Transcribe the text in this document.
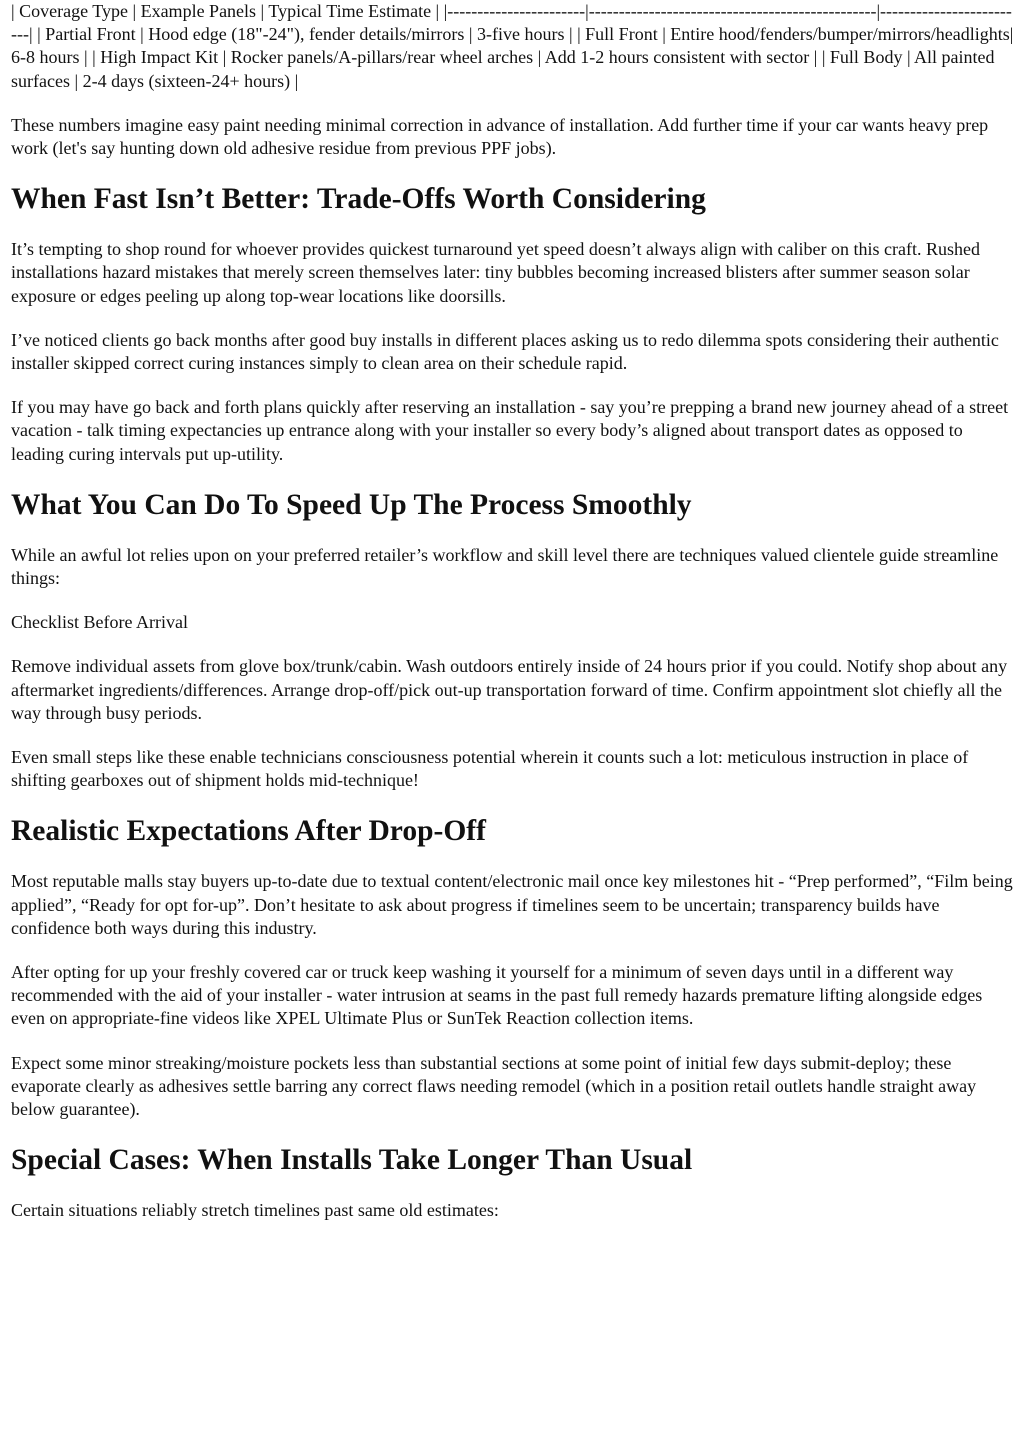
| Coverage Type | Example Panels | Typical Time Estimate | |-----------------------|------------------------------------------------|-------------------------| | Partial Front | Hood edge (18"-24"), fender details/mirrors | 3-five hours | | Full Front | Entire hood/fenders/bumper/mirrors/headlights| 6-8 hours | | High Impact Kit | Rocker panels/A-pillars/rear wheel arches | Add 1-2 hours consistent with sector | | Full Body | All painted surfaces | 2-4 days (sixteen-24+ hours) |

These numbers imagine easy paint needing minimal correction in advance of installation. Add further time if your car wants heavy prep work (let's say hunting down old adhesive residue from previous PPF jobs).

When Fast Isn’t Better: Trade-Offs Worth Considering

It’s tempting to shop round for whoever provides quickest turnaround yet speed doesn’t always align with caliber on this craft. Rushed installations hazard mistakes that merely screen themselves later: tiny bubbles becoming increased blisters after summer season solar exposure or edges peeling up along top-wear locations like doorsills.

I’ve noticed clients go back months after good buy installs in different places asking us to redo dilemma spots considering their authentic installer skipped correct curing instances simply to clean area on their schedule rapid.

If you may have go back and forth plans quickly after reserving an installation - say you’re prepping a brand new journey ahead of a street vacation - talk timing expectancies up entrance along with your installer so every body’s aligned about transport dates as opposed to leading curing intervals put up-utility.

What You Can Do To Speed Up The Process Smoothly

While an awful lot relies upon on your preferred retailer’s workflow and skill level there are techniques valued clientele guide streamline things:

Checklist Before Arrival

Remove individual assets from glove box/trunk/cabin. Wash outdoors entirely inside of 24 hours prior if you could. Notify shop about any aftermarket ingredients/differences. Arrange drop-off/pick out-up transportation forward of time. Confirm appointment slot chiefly all the way through busy periods.

Even small steps like these enable technicians consciousness potential wherein it counts such a lot: meticulous instruction in place of shifting gearboxes out of shipment holds mid-technique!

Realistic Expectations After Drop-Off

Most reputable malls stay buyers up-to-date due to textual content/electronic mail once key milestones hit - “Prep performed”, “Film being applied”, “Ready for opt for-up”. Don’t hesitate to ask about progress if timelines seem to be uncertain; transparency builds have confidence both ways during this industry.

After opting for up your freshly covered car or truck keep washing it yourself for a minimum of seven days until in a different way recommended with the aid of your installer - water intrusion at seams in the past full remedy hazards premature lifting alongside edges even on appropriate-fine videos like XPEL Ultimate Plus or SunTek Reaction collection items.

Expect some minor streaking/moisture pockets less than substantial sections at some point of initial few days submit-deploy; these evaporate clearly as adhesives settle barring any correct flaws needing remodel (which in a position retail outlets handle straight away below guarantee).

Special Cases: When Installs Take Longer Than Usual

Certain situations reliably stretch timelines past same old estimates:
